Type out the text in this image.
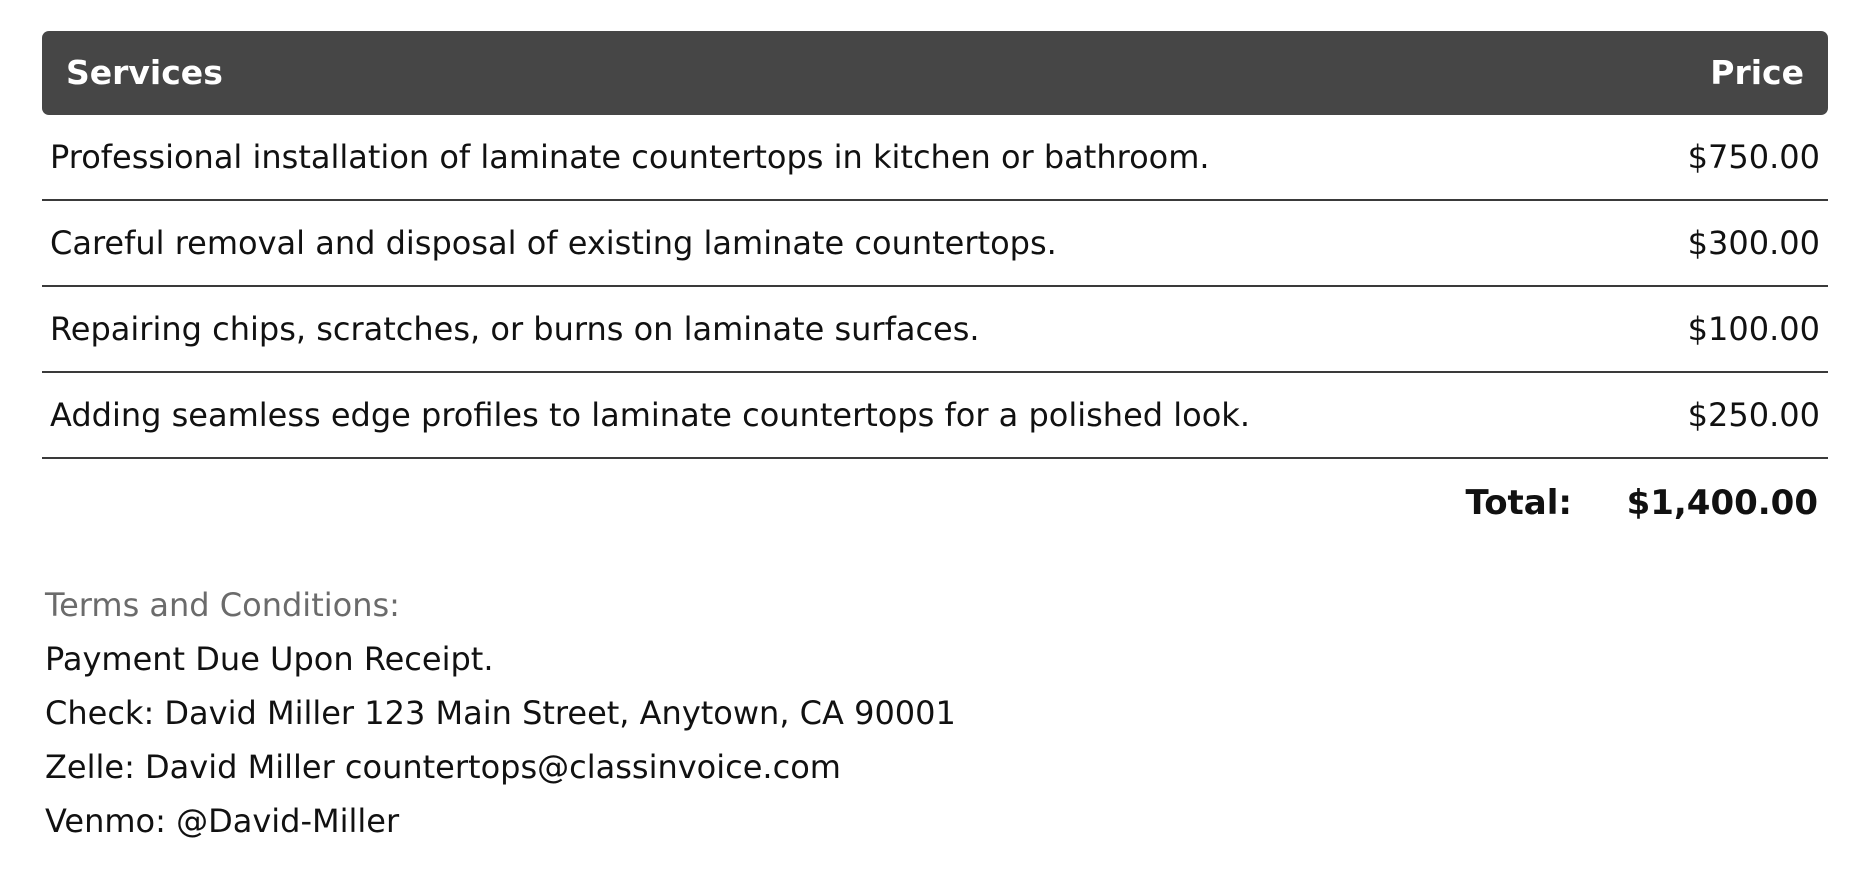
Services	Price
Professional installation of laminate countertops in kitchen or bathroom.	$750.00
Careful removal and disposal of existing laminate countertops.	$300.00
Repairing chips, scratches, or burns on laminate surfaces.	$100.00
Adding seamless edge profiles to laminate countertops for a polished look.	$250.00
Total: $1,400.00
Terms and Conditions:
Payment Due Upon Receipt.
Check: David Miller 123 Main Street, Anytown, CA 90001
Zelle: David Miller countertops@classinvoice.com
Venmo: @David-Miller
